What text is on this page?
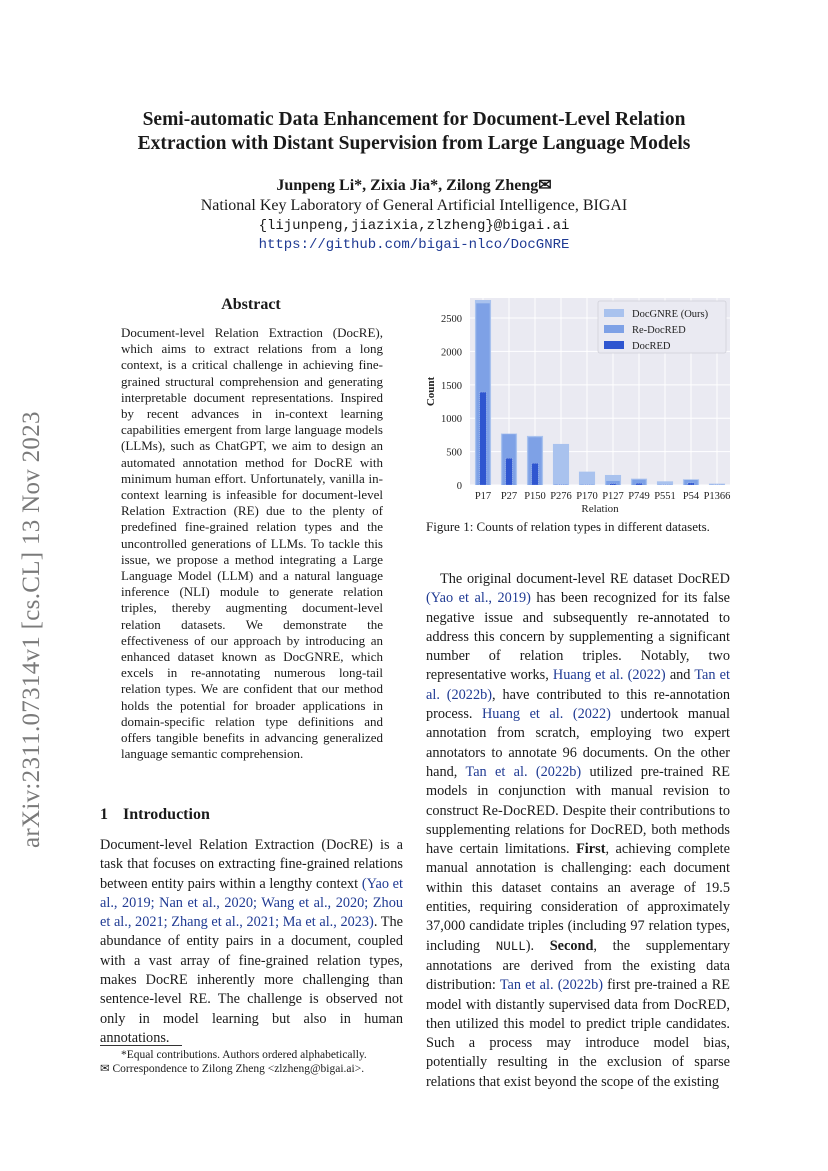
Semi-automatic Data Enhancement for Document-Level Relation
Extraction with Distant Supervision from Large Language Models
Junpeng Li*, Zixia Jia*, Zilong Zheng✉
National Key Laboratory of General Artificial Intelligence, BIGAI
{lijunpeng,jiazixia,zlzheng}@bigai.ai
https://github.com/bigai-nlco/DocGNRE
arXiv:2311.07314v1 [cs.CL] 13 Nov 2023
Abstract
Document-level Relation Extraction (DocRE), which aims to extract relations from a long context, is a critical challenge in achieving fine-grained structural comprehension and generating interpretable document representations. Inspired by recent advances in in-context learning capabilities emergent from large language models (LLMs), such as ChatGPT, we aim to design an automated annotation method for DocRE with minimum human effort. Unfortunately, vanilla in-context learning is infeasible for document-level Relation Extraction (RE) due to the plenty of predefined fine-grained relation types and the uncontrolled generations of LLMs. To tackle this issue, we propose a method integrating a Large Language Model (LLM) and a natural language inference (NLI) module to generate relation triples, thereby augmenting document-level relation datasets. We demonstrate the effectiveness of our approach by introducing an enhanced dataset known as DocGNRE, which excels in re-annotating numerous long-tail relation types. We are confident that our method holds the potential for broader applications in domain-specific relation type definitions and offers tangible benefits in advancing generalized language semantic comprehension.
1 Introduction
Document-level Relation Extraction (DocRE) is a task that focuses on extracting fine-grained relations between entity pairs within a lengthy context (Yao et al., 2019; Nan et al., 2020; Wang et al., 2020; Zhou et al., 2021; Zhang et al., 2021; Ma et al., 2023). The abundance of entity pairs in a document, coupled with a vast array of fine-grained relation types, makes DocRE inherently more challenging than sentence-level RE. The challenge is observed not only in model learning but also in human annotations.
*Equal contributions. Authors ordered alphabetically.
✉ Correspondence to Zilong Zheng <zlzheng@bigai.ai>.
0
500
1000
1500
2000
2500
P17 P27 P150 P276 P170 P127 P749 P551 P54 P1366
Relation
Count
DocGNRE (Ours)
Re-DocRED
DocRED
Figure 1: Counts of relation types in different datasets.
The original document-level RE dataset DocRED (Yao et al., 2019) has been recognized for its false negative issue and subsequently re-annotated to address this concern by supplementing a significant number of relation triples. Notably, two representative works, Huang et al. (2022) and Tan et al. (2022b), have contributed to this re-annotation process. Huang et al. (2022) undertook manual annotation from scratch, employing two expert annotators to annotate 96 documents. On the other hand, Tan et al. (2022b) utilized pre-trained RE models in conjunction with manual revision to construct Re-DocRED. Despite their contributions to supplementing relations for DocRED, both methods have certain limitations. First, achieving complete manual annotation is challenging: each document within this dataset contains an average of 19.5 entities, requiring consideration of approximately 37,000 candidate triples (including 97 relation types, including NULL). Second, the supplementary annotations are derived from the existing data distribution: Tan et al. (2022b) first pre-trained a RE model with distantly supervised data from DocRED, then utilized this model to predict triple candidates. Such a process may introduce model bias, potentially resulting in the exclusion of sparse relations that exist beyond the scope of the existing
